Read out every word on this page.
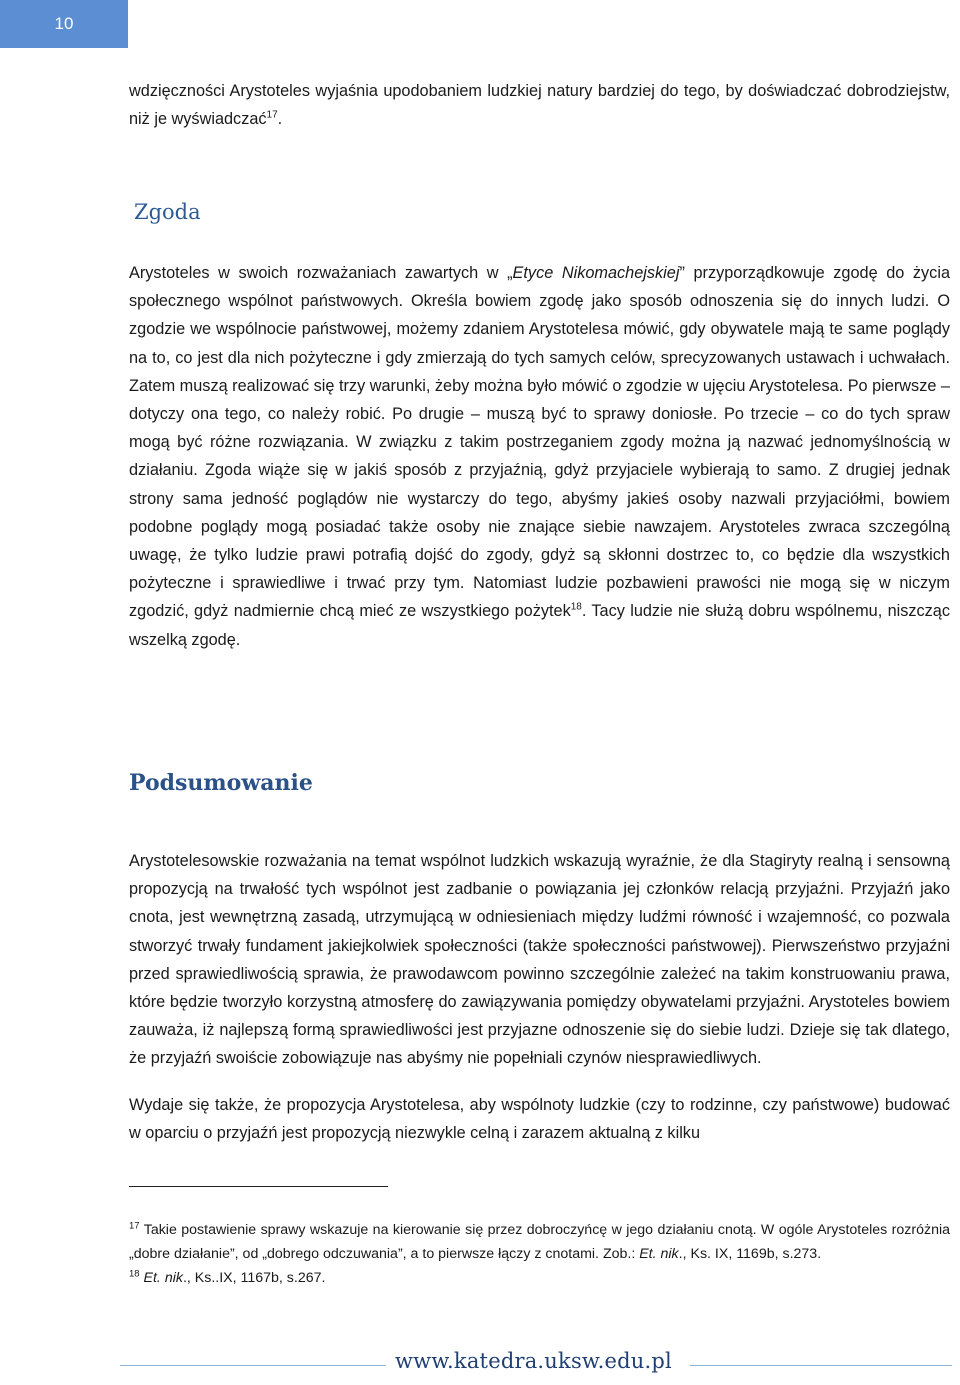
10

wdzięczności Arystoteles wyjaśnia upodobaniem ludzkiej natury bardziej do tego, by doświadczać dobrodziejstw, niż je wyświadczać$^{17}$.

Zgoda

Arystoteles w swoich rozważaniach zawartych w „Etyce Nikomachejskiej” przyporządkowuje zgodę do życia społecznego wspólnot państwowych. Określa bowiem zgodę jako sposób odnoszenia się do innych ludzi. O zgodzie we wspólnocie państwowej, możemy zdaniem Arystotelesa mówić, gdy obywatele mają te same poglądy na to, co jest dla nich pożyteczne i gdy zmierzają do tych samych celów, sprecyzowanych ustawach i uchwałach. Zatem muszą realizować się trzy warunki, żeby można było mówić o zgodzie w ujęciu Arystotelesa. Po pierwsze – dotyczy ona tego, co należy robić. Po drugie – muszą być to sprawy doniosłe. Po trzecie – co do tych spraw mogą być różne rozwiązania. W związku z takim postrzeganiem zgody można ją nazwać jednomyślnością w działaniu. Zgoda wiąże się w jakiś sposób z przyjaźnią, gdyż przyjaciele wybierają to samo. Z drugiej jednak strony sama jedność poglądów nie wystarczy do tego, abyśmy jakieś osoby nazwali przyjaciółmi, bowiem podobne poglądy mogą posiadać także osoby nie znające siebie nawzajem. Arystoteles zwraca szczególną uwagę, że tylko ludzie prawi potrafią dojść do zgody, gdyż są skłonni dostrzec to, co będzie dla wszystkich pożyteczne i sprawiedliwe i trwać przy tym. Natomiast ludzie pozbawieni prawości nie mogą się w niczym zgodzić, gdyż nadmiernie chcą mieć ze wszystkiego pożytek$^{18}$. Tacy ludzie nie służą dobru wspólnemu, niszcząc wszelką zgodę.

Podsumowanie

Arystotelesowskie rozważania na temat wspólnot ludzkich wskazują wyraźnie, że dla Stagiryty realną i sensowną propozycją na trwałość tych wspólnot jest zadbanie o powiązania jej członków relacją przyjaźni. Przyjaźń jako cnota, jest wewnętrzną zasadą, utrzymującą w odniesieniach między ludźmi równość i wzajemność, co pozwala stworzyć trwały fundament jakiejkolwiek społeczności (także społeczności państwowej). Pierwszeństwo przyjaźni przed sprawiedliwością sprawia, że prawodawcom powinno szczególnie zależeć na takim konstruowaniu prawa, które będzie tworzyło korzystną atmosferę do zawiązywania pomiędzy obywatelami przyjaźni. Arystoteles bowiem zauważa, iż najlepszą formą sprawiedliwości jest przyjazne odnoszenie się do siebie ludzi. Dzieje się tak dlatego, że przyjaźń swoiście zobowiązuje nas abyśmy nie popełniali czynów niesprawiedliwych.

Wydaje się także, że propozycja Arystotelesa, aby wspólnoty ludzkie (czy to rodzinne, czy państwowe) budować w oparciu o przyjaźń jest propozycją niezwykle celną i zarazem aktualną z kilku

$^{17}$ Takie postawienie sprawy wskazuje na kierowanie się przez dobroczyńcę w jego działaniu cnotą. W ogóle Arystoteles rozróżnia „dobre działanie”, od „dobrego odczuwania”, a to pierwsze łączy z cnotami. Zob.: Et. nik., Ks. IX, 1169b, s.273.

$^{18}$ Et. nik., Ks..IX, 1167b, s.267.

www.katedra.uksw.edu.pl
